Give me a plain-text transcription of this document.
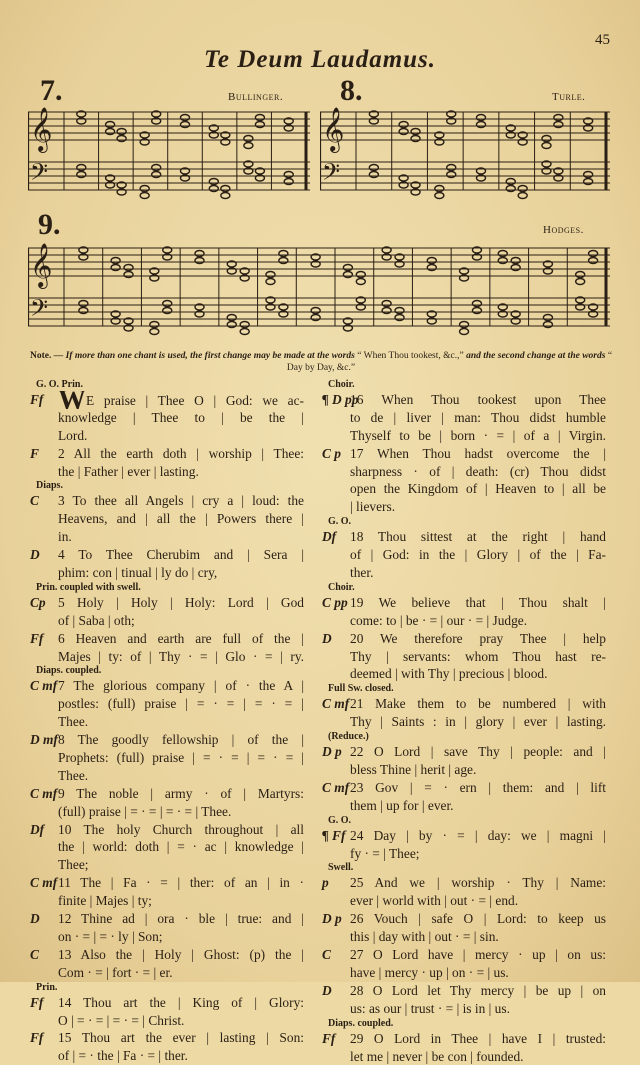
45
Te Deum Laudamus.
7.	Bullinger.
𝄞
𝄢
8.	Turle.
𝄞
𝄢
9.	Hodges.
𝄞
𝄢
Note. — If more than one chant is used, the first change may be made at the words “ When Thou tookest, &c.,” and the second change at the words “ Day by Day, &c.”
G. O. Prin.
Ff WE praise | Thee O | God: we ac-
knowledge | Thee to | be the |
Lord.
F	2 All the earth doth | worship | Thee:
the | Father | ever | lasting.
Diaps.
C	3 To thee all Angels | cry a | loud: the
Heavens, and | all the | Powers there |
in.
D	4 To Thee Cherubim and | Sera |
phim: con | tinual | ly do | cry,
Prin. coupled with swell.
Cp 5 Holy | Holy | Holy: Lord | God
of | Saba | oth;
Ff	6 Heaven and earth are full of the |
Majes | ty: of | Thy · = | Glo · = | ry.
Diaps. coupled.
C mf 7 The glorious company | of · the A |
postles: (full) praise | = · = | = · = |
Thee.
D mf 8 The goodly fellowship | of the |
Prophets: (full) praise | = · = | = · = |
Thee.
C mf 9 The noble | army · of | Martyrs:
(full) praise | = · = | = · = | Thee.
Df	10 The holy Church throughout | all
the | world: doth | = · ac | knowledge |
Thee;
C mf 11 The | Fa · = | ther: of an | in ·
finite | Majes | ty;
D	12 Thine ad | ora · ble | true: and |
on · = | = · ly | Son;
C	13 Also the | Holy | Ghost: (p) the |
Com · = | fort · = | er.
Prin.
Ff	14 Thou art the | King of | Glory:
O | = · = | = · = | Christ.
Ff	15 Thou art the ever | lasting | Son:
of | = · the | Fa · = | ther.
Choir.
¶ D pp
16 When Thou tookest upon Thee
to de | liver | man: Thou didst humble
Thyself to be | born · = | of a | Virgin.
C p 17 When Thou hadst overcome the |
sharpness · of | death: (cr) Thou didst
open the Kingdom of | Heaven to | all be
| lievers.
G. O.
Df	18 Thou sittest at the right | hand
of | God: in the | Glory | of the | Fa-
ther.
Choir.
C pp 19 We believe that | Thou shalt |
come: to | be · = | our · = | Judge.
D	20 We therefore pray Thee | help
Thy | servants: whom Thou hast re-
deemed | with Thy | precious | blood.
Full Sw. closed.
C mf 21 Make them to be numbered | with
Thy | Saints : in | glory | ever | lasting.
(Reduce.)
D p 22 O Lord | save Thy | people: and |
bless Thine | herit | age.
C mf 23 Gov | = · ern | them: and | lift
them | up for | ever.
G. O.
¶ Ff 24 Day | by · = | day: we | magni |
fy · = | Thee;
Swell.
p	25 And we | worship · Thy | Name:
ever | world with | out · = | end.
D p 26 Vouch | safe O | Lord: to keep us
this | day with | out · = | sin.
C	27 O Lord have | mercy · up | on us:
have | mercy · up | on · = | us.
D	28 O Lord let Thy mercy | be up | on
us: as our | trust · = | is in | us.
Diaps. coupled.
Ff	29 O Lord in Thee | have I | trusted:
let me | never | be con | founded.
